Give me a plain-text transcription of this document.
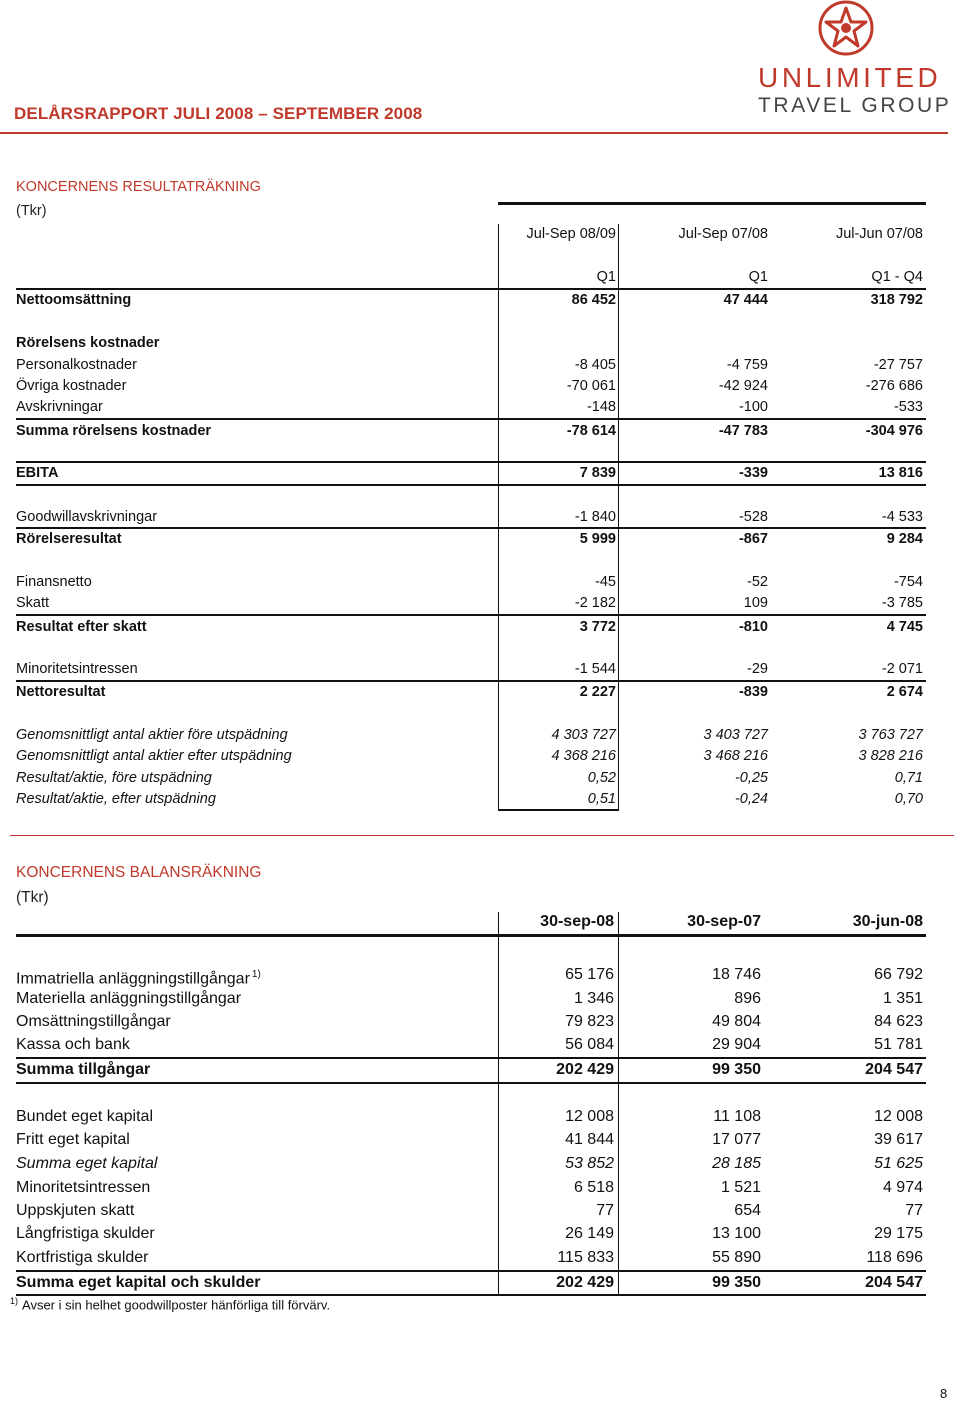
DELÅRSRAPPORT JULI 2008 – SEPTEMBER 2008
UNLIMITED
TRAVEL GROUP
KONCERNENS RESULTATRÄKNING
(Tkr)
Jul-Sep 08/09	Jul-Sep 07/08	Jul-Jun 07/08
Q1	Q1	Q1 - Q4
Nettoomsättning	86 452	47 444	318 792
Rörelsens kostnader
Personalkostnader	-8 405	-4 759	-27 757
Övriga kostnader	-70 061	-42 924	-276 686
Avskrivningar	-148	-100	-533
Summa rörelsens kostnader	-78 614	-47 783	-304 976
EBITA	7 839	-339	13 816
Goodwillavskrivningar	-1 840	-528	-4 533
Rörelseresultat	5 999	-867	9 284
Finansnetto	-45	-52	-754
Skatt	-2 182	109	-3 785
Resultat efter skatt	3 772	-810	4 745
Minoritetsintressen	-1 544	-29	-2 071
Nettoresultat	2 227	-839	2 674
Genomsnittligt antal aktier före utspädning	4 303 727	3 403 727	3 763 727
Genomsnittligt antal aktier efter utspädning	4 368 216	3 468 216	3 828 216
Resultat/aktie, före utspädning	0,52	-0,25	0,71
Resultat/aktie, efter utspädning	0,51	-0,24	0,70
KONCERNENS BALANSRÄKNING
(Tkr)
30-sep-08	30-sep-07	30-jun-08
Immatriella anläggningstillgångar $^{1)}$	65 176	18 746	66 792
Materiella anläggningstillgångar	1 346	896	1 351
Omsättningstillgångar	79 823	49 804	84 623
Kassa och bank	56 084	29 904	51 781
Summa tillgångar	202 429	99 350	204 547
Bundet eget kapital	12 008	11 108	12 008
Fritt eget kapital	41 844	17 077	39 617
Summa eget kapital	53 852	28 185	51 625
Minoritetsintressen	6 518	1 521	4 974
Uppskjuten skatt	77	654	77
Långfristiga skulder	26 149	13 100	29 175
Kortfristiga skulder	115 833	55 890	118 696
Summa eget kapital och skulder	202 429	99 350	204 547
$^{1)}$ Avser i sin helhet goodwillposter hänförliga till förvärv.
8
